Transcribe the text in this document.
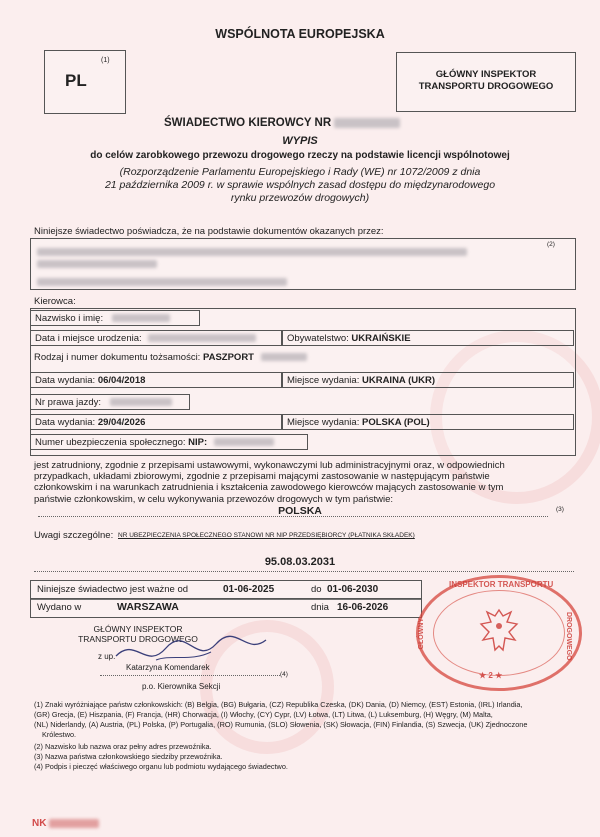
WSPÓLNOTA EUROPEJSKA
PL
(1)
GŁÓWNY INSPEKTOR
TRANSPORTU DROGOWEGO
ŚWIADECTWO KIEROWCY NR
WYPIS
do celów zarobkowego przewozu drogowego rzeczy na podstawie licencji wspólnotowej
(Rozporządzenie Parlamentu Europejskiego i Rady (WE) nr 1072/2009 z dnia
21 października 2009 r. w sprawie wspólnych zasad dostępu do międzynarodowego
rynku przewozów drogowych)
Niniejsze świadectwo poświadcza, że na podstawie dokumentów okazanych przez:
(2)
Kierowca:
Nazwisko i imię:
Data i miejsce urodzenia:	Obywatelstwo: UKRAIŃSKIE
Rodzaj i numer dokumentu tożsamości: PASZPORT
Data wydania: 06/04/2018	Miejsce wydania: UKRAINA (UKR)
Nr prawa jazdy:
Data wydania: 29/04/2026	Miejsce wydania: POLSKA (POL)
Numer ubezpieczenia społecznego: NIP:
jest zatrudniony, zgodnie z przepisami ustawowymi, wykonawczymi lub administracyjnymi oraz, w odpowiednich
przypadkach, układami zbiorowymi, zgodnie z przepisami mającymi zastosowanie w następującym państwie
członkowskim i na warunkach zatrudnienia i kształcenia zawodowego kierowców mających zastosowanie w tym
państwie członkowskim, w celu wykonywania przewozów drogowych w tym państwie:
POLSKA	(3)
Uwagi szczególne: NR UBEZPIECZENIA SPOŁECZNEGO STANOWI NR NIP PRZEDSIĘBIORCY (PŁATNIKA SKŁADEK)
95.08.03.2031
Niniejsze świadectwo jest ważne od	01-06-2025	do 01-06-2030
Wydano w	WARSZAWA	dnia 16-06-2026
GŁÓWNY INSPEKTOR
TRANSPORTU DROGOWEGO
z up.
Katarzyna Komendarek
(4)
p.o. Kierownika Sekcji
INSPEKTOR TRANSPORTU
GŁÓWNY	DROGOWEGO
★ 2 ★
(1) Znaki wyróżniające państw członkowskich: (B) Belgia, (BG) Bułgaria, (CZ) Republika Czeska, (DK) Dania, (D) Niemcy, (EST) Estonia, (IRL) Irlandia,
(GR) Grecja, (E) Hiszpania, (F) Francja, (HR) Chorwacja, (I) Włochy, (CY) Cypr, (LV) Łotwa, (LT) Litwa, (L) Luksemburg, (H) Węgry, (M) Malta,
(NL) Niderlandy, (A) Austria, (PL) Polska, (P) Portugalia, (RO) Rumunia, (SLO) Słowenia, (SK) Słowacja, (FIN) Finlandia, (S) Szwecja, (UK) Zjednoczone
Królestwo.
(2) Nazwisko lub nazwa oraz pełny adres przewoźnika.
(3) Nazwa państwa członkowskiego siedziby przewoźnika.
(4) Podpis i pieczęć właściwego organu lub podmiotu wydającego świadectwo.
NK
